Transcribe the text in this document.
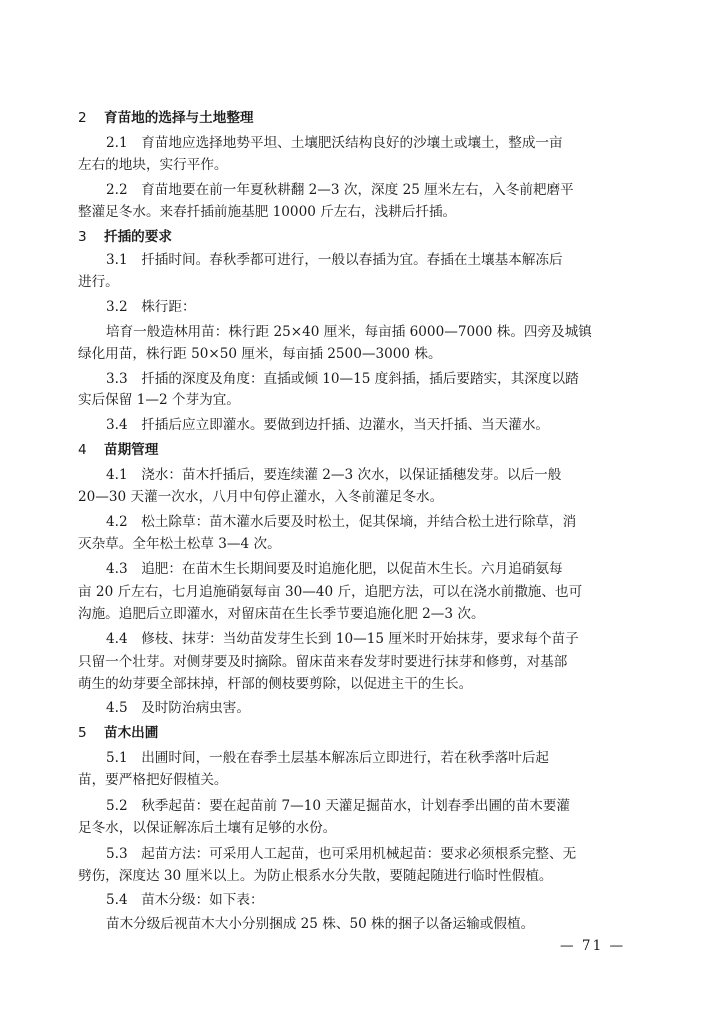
2 育苗地的选择与土地整理
2.1　育苗地应选择地势平坦、土壤肥沃结构良好的沙壤土或壤土，整成一亩
左右的地块，实行平作。
2.2　育苗地要在前一年夏秋耕翻 2—3 次，深度 25 厘米左右，入冬前耙磨平
整灌足冬水。来春扦插前施基肥 10000 斤左右，浅耕后扦插。
3 扦插的要求
3.1　扦插时间。春秋季都可进行，一般以春插为宜。春插在土壤基本解冻后
进行。
3.2　株行距：
培育一般造林用苗：株行距 25×40 厘米，每亩插 6000—7000 株。四旁及城镇
绿化用苗，株行距 50×50 厘米，每亩插 2500—3000 株。
3.3　扦插的深度及角度：直插或倾 10—15 度斜插，插后要踏实，其深度以踏
实后保留 1—2 个芽为宜。
3.4　扦插后应立即灌水。要做到边扦插、边灌水，当天扦插、当天灌水。
4 苗期管理
4.1　浇水：苗木扦插后，要连续灌 2—3 次水，以保证插穗发芽。以后一般
20—30 天灌一次水，八月中旬停止灌水，入冬前灌足冬水。
4.2　松土除草：苗木灌水后要及时松土，促其保墒，并结合松土进行除草，消
灭杂草。全年松土松草 3—4 次。
4.3　追肥：在苗木生长期间要及时追施化肥，以促苗木生长。六月追硝氨每
亩 20 斤左右，七月追施硝氨每亩 30—40 斤，追肥方法，可以在浇水前撒施、也可
沟施。追肥后立即灌水，对留床苗在生长季节要追施化肥 2—3 次。
4.4　修枝、抹芽：当幼苗发芽生长到 10—15 厘米时开始抹芽，要求每个苗子
只留一个壮芽。对侧芽要及时摘除。留床苗来春发芽时要进行抹芽和修剪，对基部
萌生的幼芽要全部抹掉，杆部的侧枝要剪除，以促进主干的生长。
4.5　及时防治病虫害。
5 苗木出圃
5.1　出圃时间，一般在春季土层基本解冻后立即进行，若在秋季落叶后起
苗，要严格把好假植关。
5.2　秋季起苗：要在起苗前 7—10 天灌足掘苗水，计划春季出圃的苗木要灌
足冬水，以保证解冻后土壤有足够的水份。
5.3　起苗方法：可采用人工起苗，也可采用机械起苗：要求必须根系完整、无
劈伤，深度达 30 厘米以上。为防止根系水分失散，要随起随进行临时性假植。
5.4　苗木分级：如下表：
苗木分级后视苗木大小分别捆成 25 株、50 株的捆子以备运输或假植。
— 71 —
